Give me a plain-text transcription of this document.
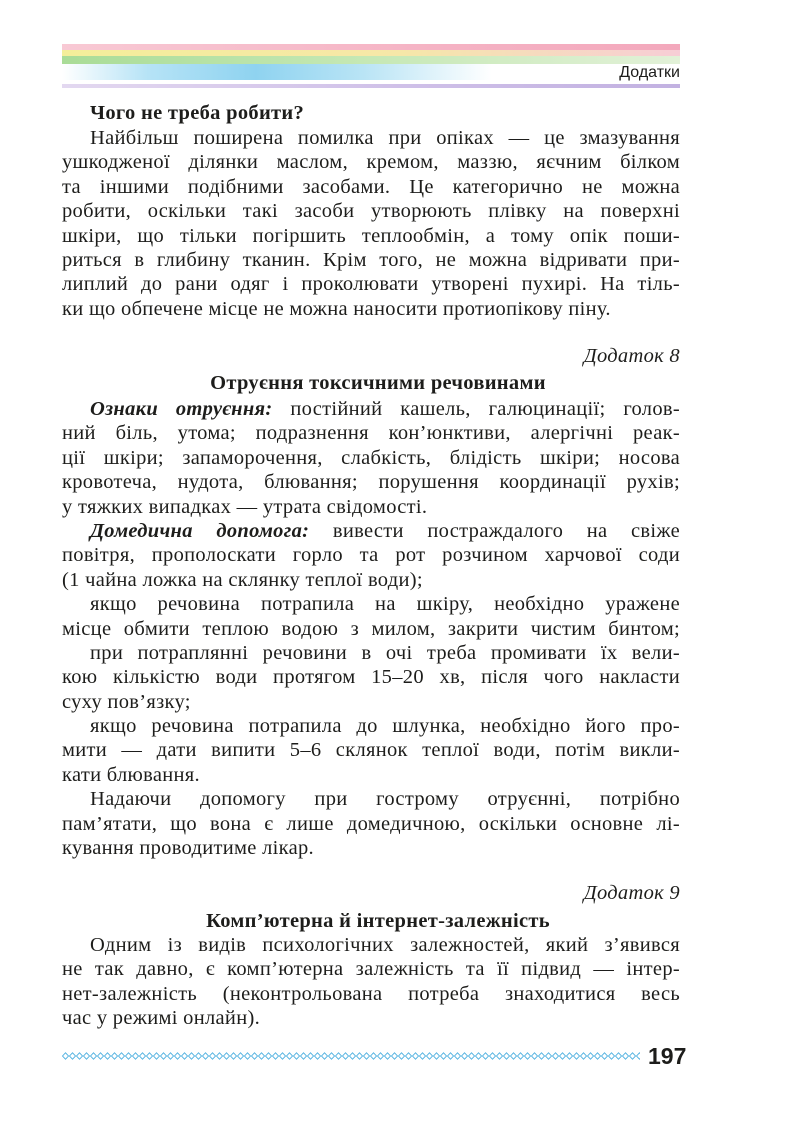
Додатки
Чого не треба робити?
Найбільш поширена помилка при опіках — це змазування
ушкодженої ділянки маслом, кремом, маззю, яєчним білком
та іншими подібними засобами. Це категорично не можна
робити, оскільки такі засоби утворюють плівку на поверхні
шкіри, що тільки погіршить теплообмін, а тому опік поши-
риться в глибину тканин. Крім того, не можна відривати при-
липлий до рани одяг і проколювати утворені пухирі. На тіль-
ки що обпечене місце не можна наносити протиопікову піну.
Додаток 8
Отруєння токсичними речовинами
Ознаки отруєння: постійний кашель, галюцинації; голов-
ний біль, утома; подразнення кон’юнктиви, алергічні реак-
ції шкіри; запаморочення, слабкість, блідість шкіри; носова
кровотеча, нудота, блювання; порушення координації рухів;
у тяжких випадках — утрата свідомості.
Домедична допомога: вивести постраждалого на свіже
повітря, прополоскати горло та рот розчином харчової соди
(1 чайна ложка на склянку теплої води);
якщо речовина потрапила на шкіру, необхідно уражене
місце обмити теплою водою з милом, закрити чистим бинтом;
при потраплянні речовини в очі треба промивати їх вели-
кою кількістю води протягом 15–20 хв, після чого накласти
суху пов’язку;
якщо речовина потрапила до шлунка, необхідно його про-
мити — дати випити 5–6 склянок теплої води, потім викли-
кати блювання.
Надаючи допомогу при гострому отруєнні, потрібно
пам’ятати, що вона є лише домедичною, оскільки основне лі-
кування проводитиме лікар.
Додаток 9
Комп’ютерна й інтернет-залежність
Одним із видів психологічних залежностей, який з’явився
не так давно, є комп’ютерна залежність та її підвид — інтер-
нет-залежність (неконтрольована потреба знаходитися весь
час у режимі онлайн).
197
